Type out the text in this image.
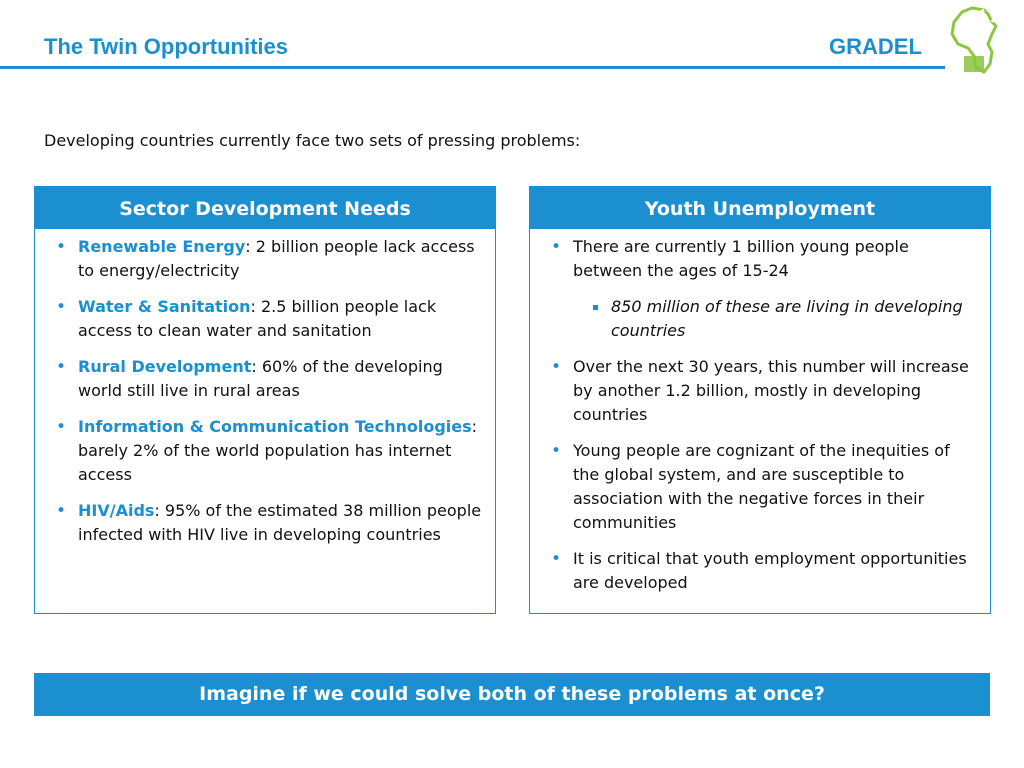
The Twin Opportunities	GRADEL

Developing countries currently face two sets of pressing problems:

Sector Development Needs
• Renewable Energy: 2 billion people lack access to energy/electricity
• Water & Sanitation: 2.5 billion people lack access to clean water and sanitation
• Rural Development: 60% of the developing world still live in rural areas
• Information & Communication Technologies: barely 2% of the world population has internet access
• HIV/Aids: 95% of the estimated 38 million people infected with HIV live in developing countries
Youth Unemployment
• There are currently 1 billion young people between the ages of 15-24
850 million of these are living in developing countries
• Over the next 30 years, this number will increase by another 1.2 billion, mostly in developing countries
• Young people are cognizant of the inequities of the global system, and are susceptible to association with the negative forces in their communities
• It is critical that youth employment opportunities are developed

Imagine if we could solve both of these problems at once?
